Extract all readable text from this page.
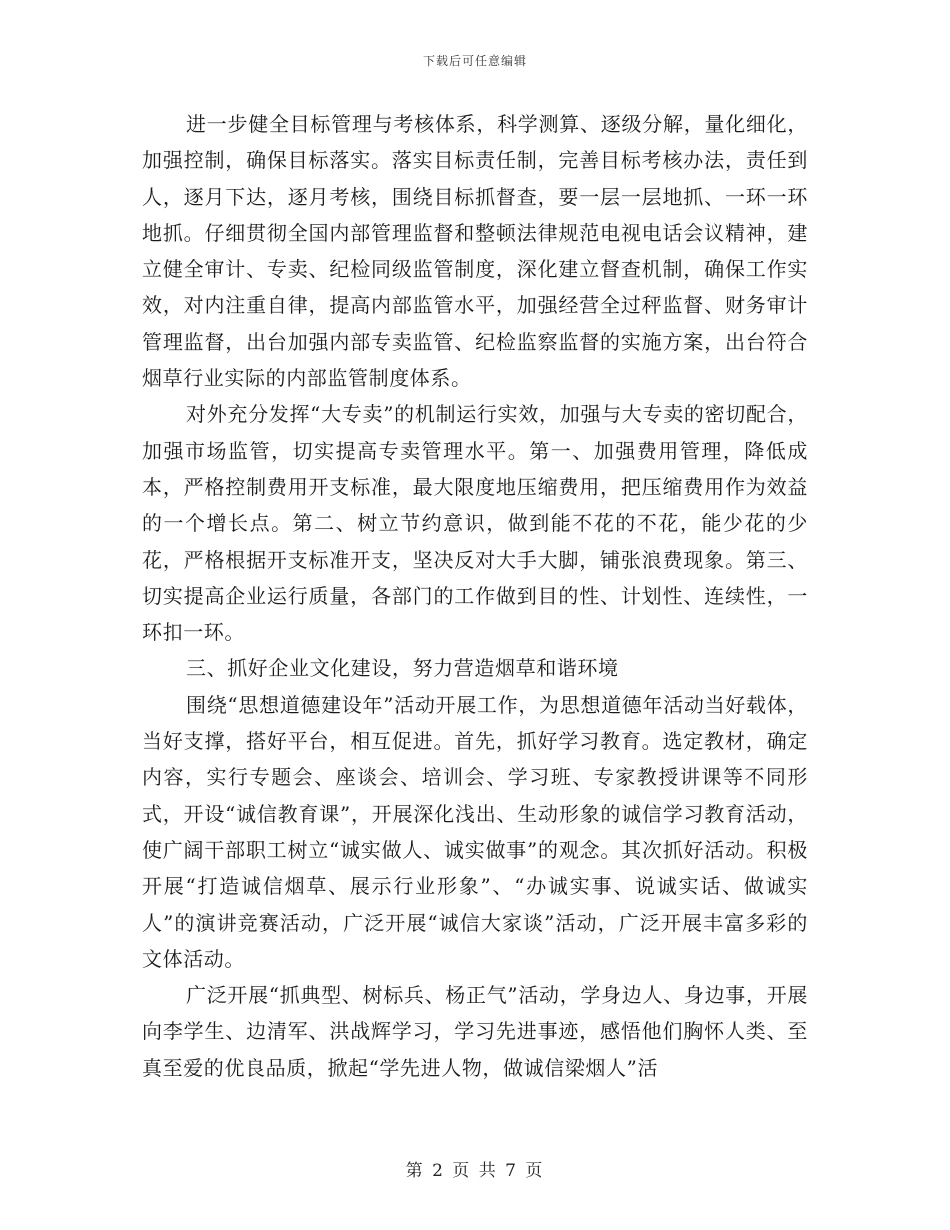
下载后可任意编辑

进一步健全目标管理与考核体系，科学测算、逐级分解，量化细化，加强控制，确保目标落实。落实目标责任制，完善目标考核办法，责任到人，逐月下达，逐月考核，围绕目标抓督查，要一层一层地抓、一环一环地抓。仔细贯彻全国内部管理监督和整顿法律规范电视电话会议精神，建立健全审计、专卖、纪检同级监管制度，深化建立督查机制，确保工作实效，对内注重自律，提高内部监管水平，加强经营全过秤监督、财务审计管理监督，出台加强内部专卖监管、纪检监察监督的实施方案，出台符合烟草行业实际的内部监管制度体系。

对外充分发挥“大专卖”的机制运行实效，加强与大专卖的密切配合，加强市场监管，切实提高专卖管理水平。第一、加强费用管理，降低成本，严格控制费用开支标准，最大限度地压缩费用，把压缩费用作为效益的一个增长点。第二、树立节约意识，做到能不花的不花，能少花的少花，严格根据开支标准开支，坚决反对大手大脚，铺张浪费现象。第三、切实提高企业运行质量，各部门的工作做到目的性、计划性、连续性，一环扣一环。

三、抓好企业文化建设，努力营造烟草和谐环境

围绕“思想道德建设年”活动开展工作，为思想道德年活动当好载体，当好支撑，搭好平台，相互促进。首先，抓好学习教育。选定教材，确定内容，实行专题会、座谈会、培训会、学习班、专家教授讲课等不同形式，开设“诚信教育课”，开展深化浅出、生动形象的诚信学习教育活动，使广阔干部职工树立“诚实做人、诚实做事”的观念。其次抓好活动。积极开展“打造诚信烟草、展示行业形象”、“办诚实事、说诚实话、做诚实人”的演讲竞赛活动，广泛开展“诚信大家谈”活动，广泛开展丰富多彩的文体活动。

广泛开展“抓典型、树标兵、杨正气”活动，学身边人、身边事，开展向李学生、边清军、洪战辉学习，学习先进事迹，感悟他们胸怀人类、至真至爱的优良品质，掀起“学先进人物，做诚信梁烟人”活

第 2 页 共 7 页
